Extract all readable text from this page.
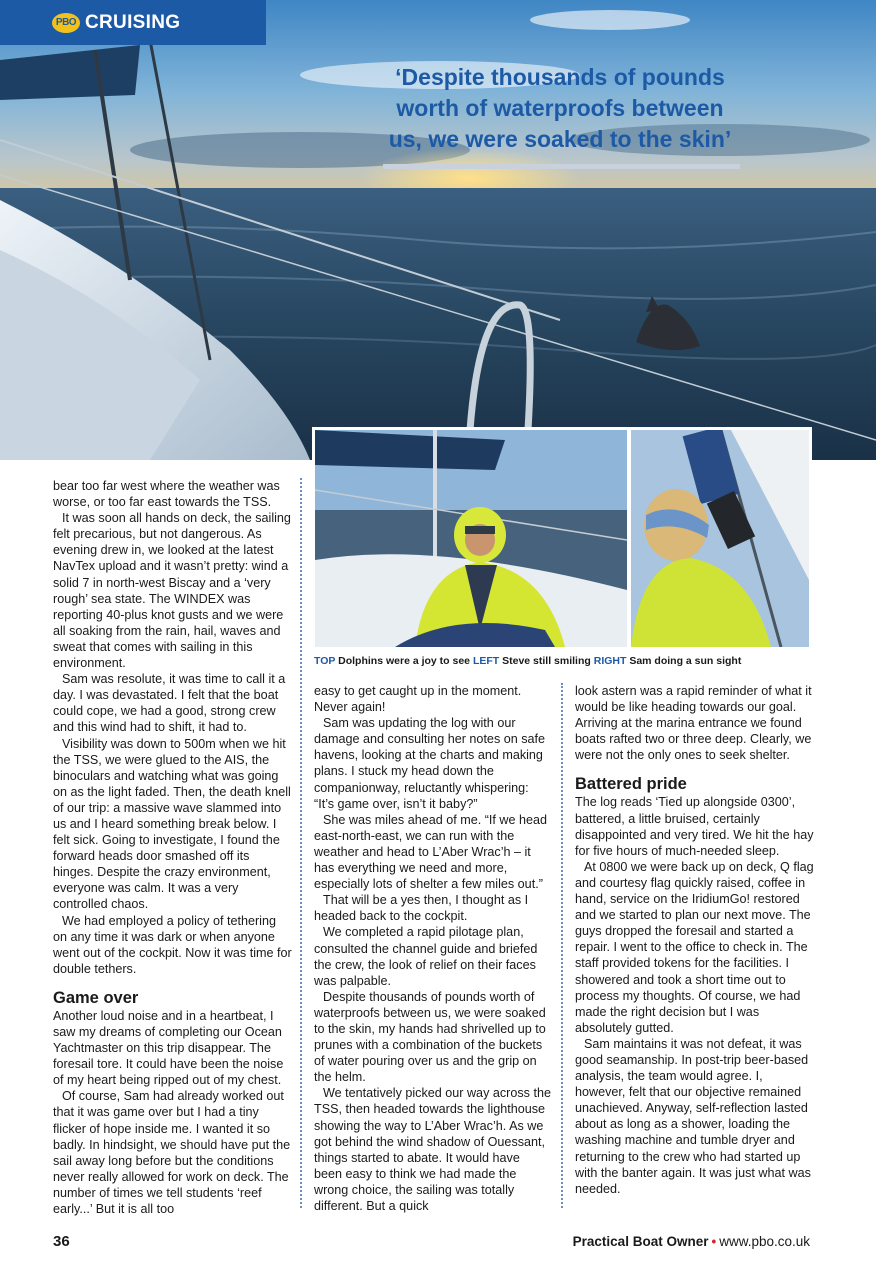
PBO CRUISING
‘Despite thousands of pounds worth of waterproofs between us, we were soaked to the skin’
TOP Dolphins were a joy to see LEFT Steve still smiling RIGHT Sam doing a sun sight

bear too far west where the weather was worse, or too far east towards the TSS.

It was soon all hands on deck, the sailing felt precarious, but not dangerous. As evening drew in, we looked at the latest NavTex upload and it wasn’t pretty: wind a solid 7 in north-west Biscay and a ‘very rough’ sea state. The WINDEX was reporting 40-plus knot gusts and we were all soaking from the rain, hail, waves and sweat that comes with sailing in this environment.

Sam was resolute, it was time to call it a day. I was devastated. I felt that the boat could cope, we had a good, strong crew and this wind had to shift, it had to.

Visibility was down to 500m when we hit the TSS, we were glued to the AIS, the binoculars and watching what was going on as the light faded. Then, the death knell of our trip: a massive wave slammed into us and I heard something break below. I felt sick. Going to investigate, I found the forward heads door smashed off its hinges. Despite the crazy environment, everyone was calm. It was a very controlled chaos.

We had employed a policy of tethering on any time it was dark or when anyone went out of the cockpit. Now it was time for double tethers.

Game over

Another loud noise and in a heartbeat, I saw my dreams of completing our Ocean Yachtmaster on this trip disappear. The foresail tore. It could have been the noise of my heart being ripped out of my chest.

Of course, Sam had already worked out that it was game over but I had a tiny flicker of hope inside me. I wanted it so badly. In hindsight, we should have put the sail away long before but the conditions never really allowed for work on deck. The number of times we tell students ‘reef early...’ But it is all too

easy to get caught up in the moment. Never again!

Sam was updating the log with our damage and consulting her notes on safe havens, looking at the charts and making plans. I stuck my head down the companionway, reluctantly whispering: “It’s game over, isn’t it baby?”

She was miles ahead of me. “If we head east-north-east, we can run with the weather and head to L’Aber Wrac’h – it has everything we need and more, especially lots of shelter a few miles out.”

That will be a yes then, I thought as I headed back to the cockpit.

We completed a rapid pilotage plan, consulted the channel guide and briefed the crew, the look of relief on their faces was palpable.

Despite thousands of pounds worth of waterproofs between us, we were soaked to the skin, my hands had shrivelled up to prunes with a combination of the buckets of water pouring over us and the grip on the helm.

We tentatively picked our way across the TSS, then headed towards the lighthouse showing the way to L’Aber Wrac’h. As we got behind the wind shadow of Ouessant, things started to abate. It would have been easy to think we had made the wrong choice, the sailing was totally different. But a quick

look astern was a rapid reminder of what it would be like heading towards our goal. Arriving at the marina entrance we found boats rafted two or three deep. Clearly, we were not the only ones to seek shelter.

Battered pride

The log reads ‘Tied up alongside 0300’, battered, a little bruised, certainly disappointed and very tired. We hit the hay for five hours of much-needed sleep.

At 0800 we were back up on deck, Q flag and courtesy flag quickly raised, coffee in hand, service on the IridiumGo! restored and we started to plan our next move. The guys dropped the foresail and started a repair. I went to the office to check in. The staff provided tokens for the facilities. I showered and took a short time out to process my thoughts. Of course, we had made the right decision but I was absolutely gutted.

Sam maintains it was not defeat, it was good seamanship. In post-trip beer-based analysis, the team would agree. I, however, felt that our objective remained unachieved. Anyway, self-reflection lasted about as long as a shower, loading the washing machine and tumble dryer and returning to the crew who had started up with the banter again. It was just what was needed.

36	Practical Boat Owner • www.pbo.co.uk
